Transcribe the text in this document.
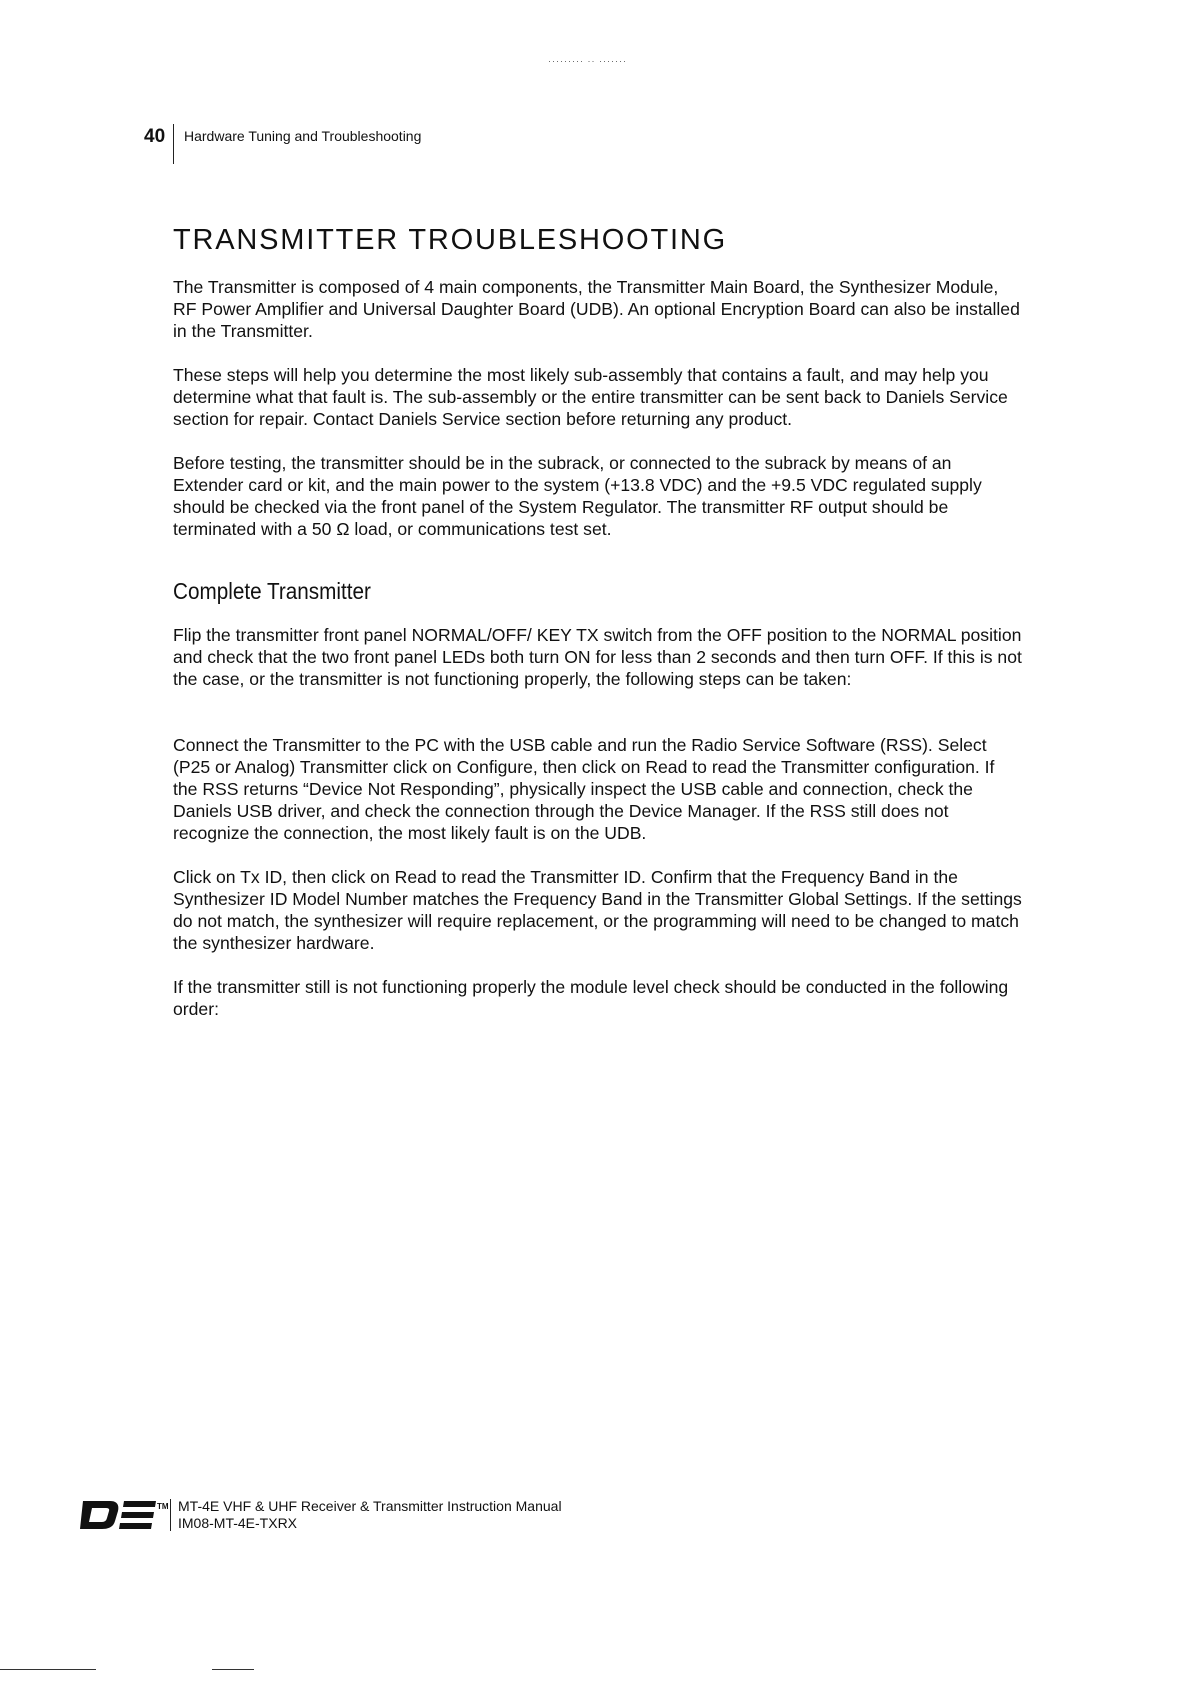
········· ·· ·······
40 Hardware Tuning and Troubleshooting
TRANSMITTER TROUBLESHOOTING

The Transmitter is composed of 4 main components, the Transmitter Main Board, the Synthesizer Module, RF Power Amplifier and Universal Daughter Board (UDB). An optional Encryption Board can also be installed in the Transmitter.

These steps will help you determine the most likely sub-assembly that contains a fault, and may help you determine what that fault is. The sub-assembly or the entire transmitter can be sent back to Daniels Service section for repair. Contact Daniels Service section before returning any product.

Before testing, the transmitter should be in the subrack, or connected to the subrack by means of an Extender card or kit, and the main power to the system (+13.8 VDC) and the +9.5 VDC regulated supply should be checked via the front panel of the System Regulator. The transmitter RF output should be terminated with a 50 Ω load, or communications test set.

Complete Transmitter

Flip the transmitter front panel NORMAL/OFF/ KEY TX switch from the OFF position to the NORMAL position and check that the two front panel LEDs both turn ON for less than 2 seconds and then turn OFF. If this is not the case, or the transmitter is not functioning properly, the following steps can be taken:

Connect the Transmitter to the PC with the USB cable and run the Radio Service Software (RSS). Select (P25 or Analog) Transmitter click on Configure, then click on Read to read the Transmitter configuration. If the RSS returns “Device Not Responding”, physically inspect the USB cable and connection, check the Daniels USB driver, and check the connection through the Device Manager. If the RSS still does not recognize the connection, the most likely fault is on the UDB.

Click on Tx ID, then click on Read to read the Transmitter ID. Confirm that the Frequency Band in the Synthesizer ID Model Number matches the Frequency Band in the Transmitter Global Settings. If the settings do not match, the synthesizer will require replacement, or the programming will need to be changed to match the synthesizer hardware.

If the transmitter still is not functioning properly the module level check should be conducted in the following order:

TM MT-4E VHF & UHF Receiver & Transmitter Instruction Manual
IM08-MT-4E-TXRX
